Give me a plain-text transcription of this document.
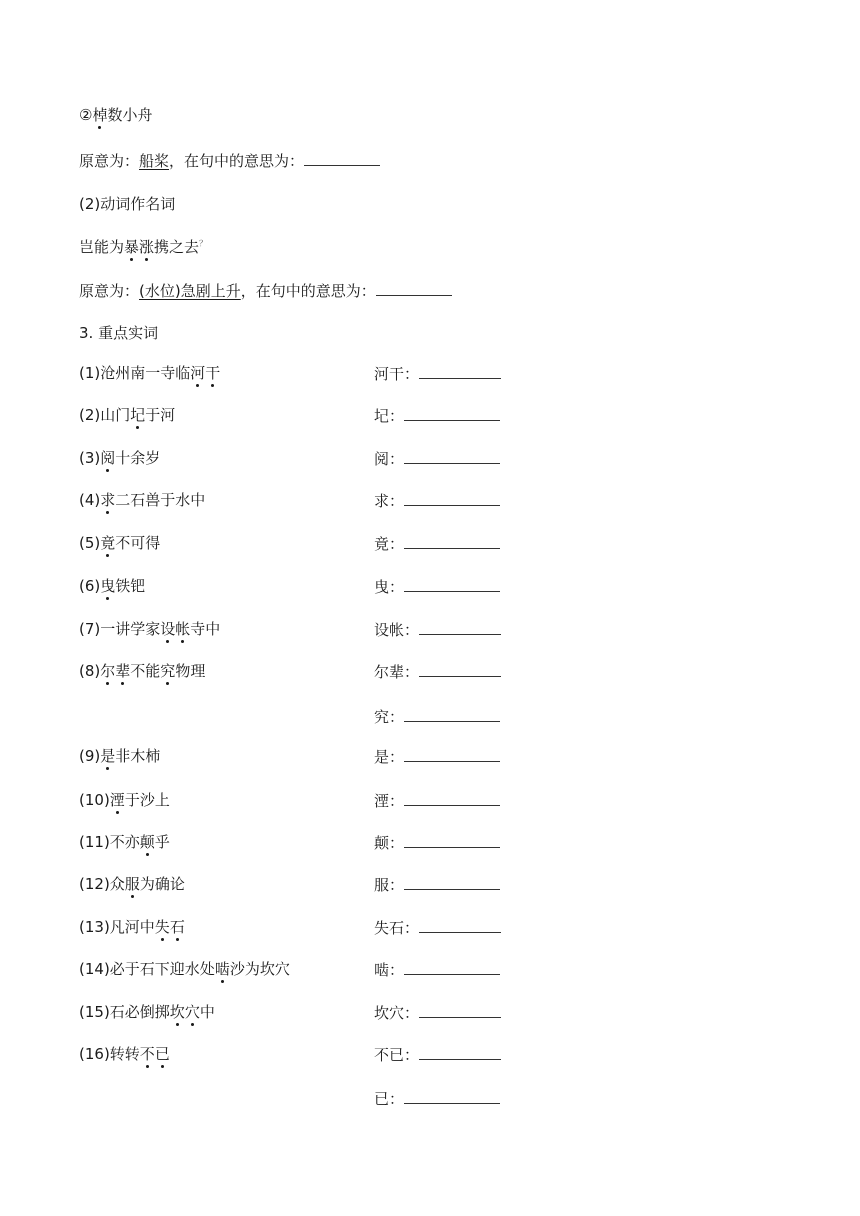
②棹数小舟
原意为：船桨，在句中的意思为：
(2)动词作名词
岂能为暴涨携之去？
原意为：(水位)急剧上升，在句中的意思为：
3. 重点实词
(1)沧州南一寺临河干	河干：
(2)山门圮于河	圮：
(3)阅十余岁	阅：
(4)求二石兽于水中	求：
(5)竟不可得	竟：
(6)曳铁钯	曳：
(7)一讲学家设帐寺中	设帐：
(8)尔辈不能究物理	尔辈：
究：
(9)是非木柿	是：
(10)湮于沙上	湮：
(11)不亦颠乎	颠：
(12)众服为确论	服：
(13)凡河中失石	失石：
(14)必于石下迎水处啮沙为坎穴	啮：
(15)石必倒掷坎穴中	坎穴：
(16)转转不已	不已：
已：
